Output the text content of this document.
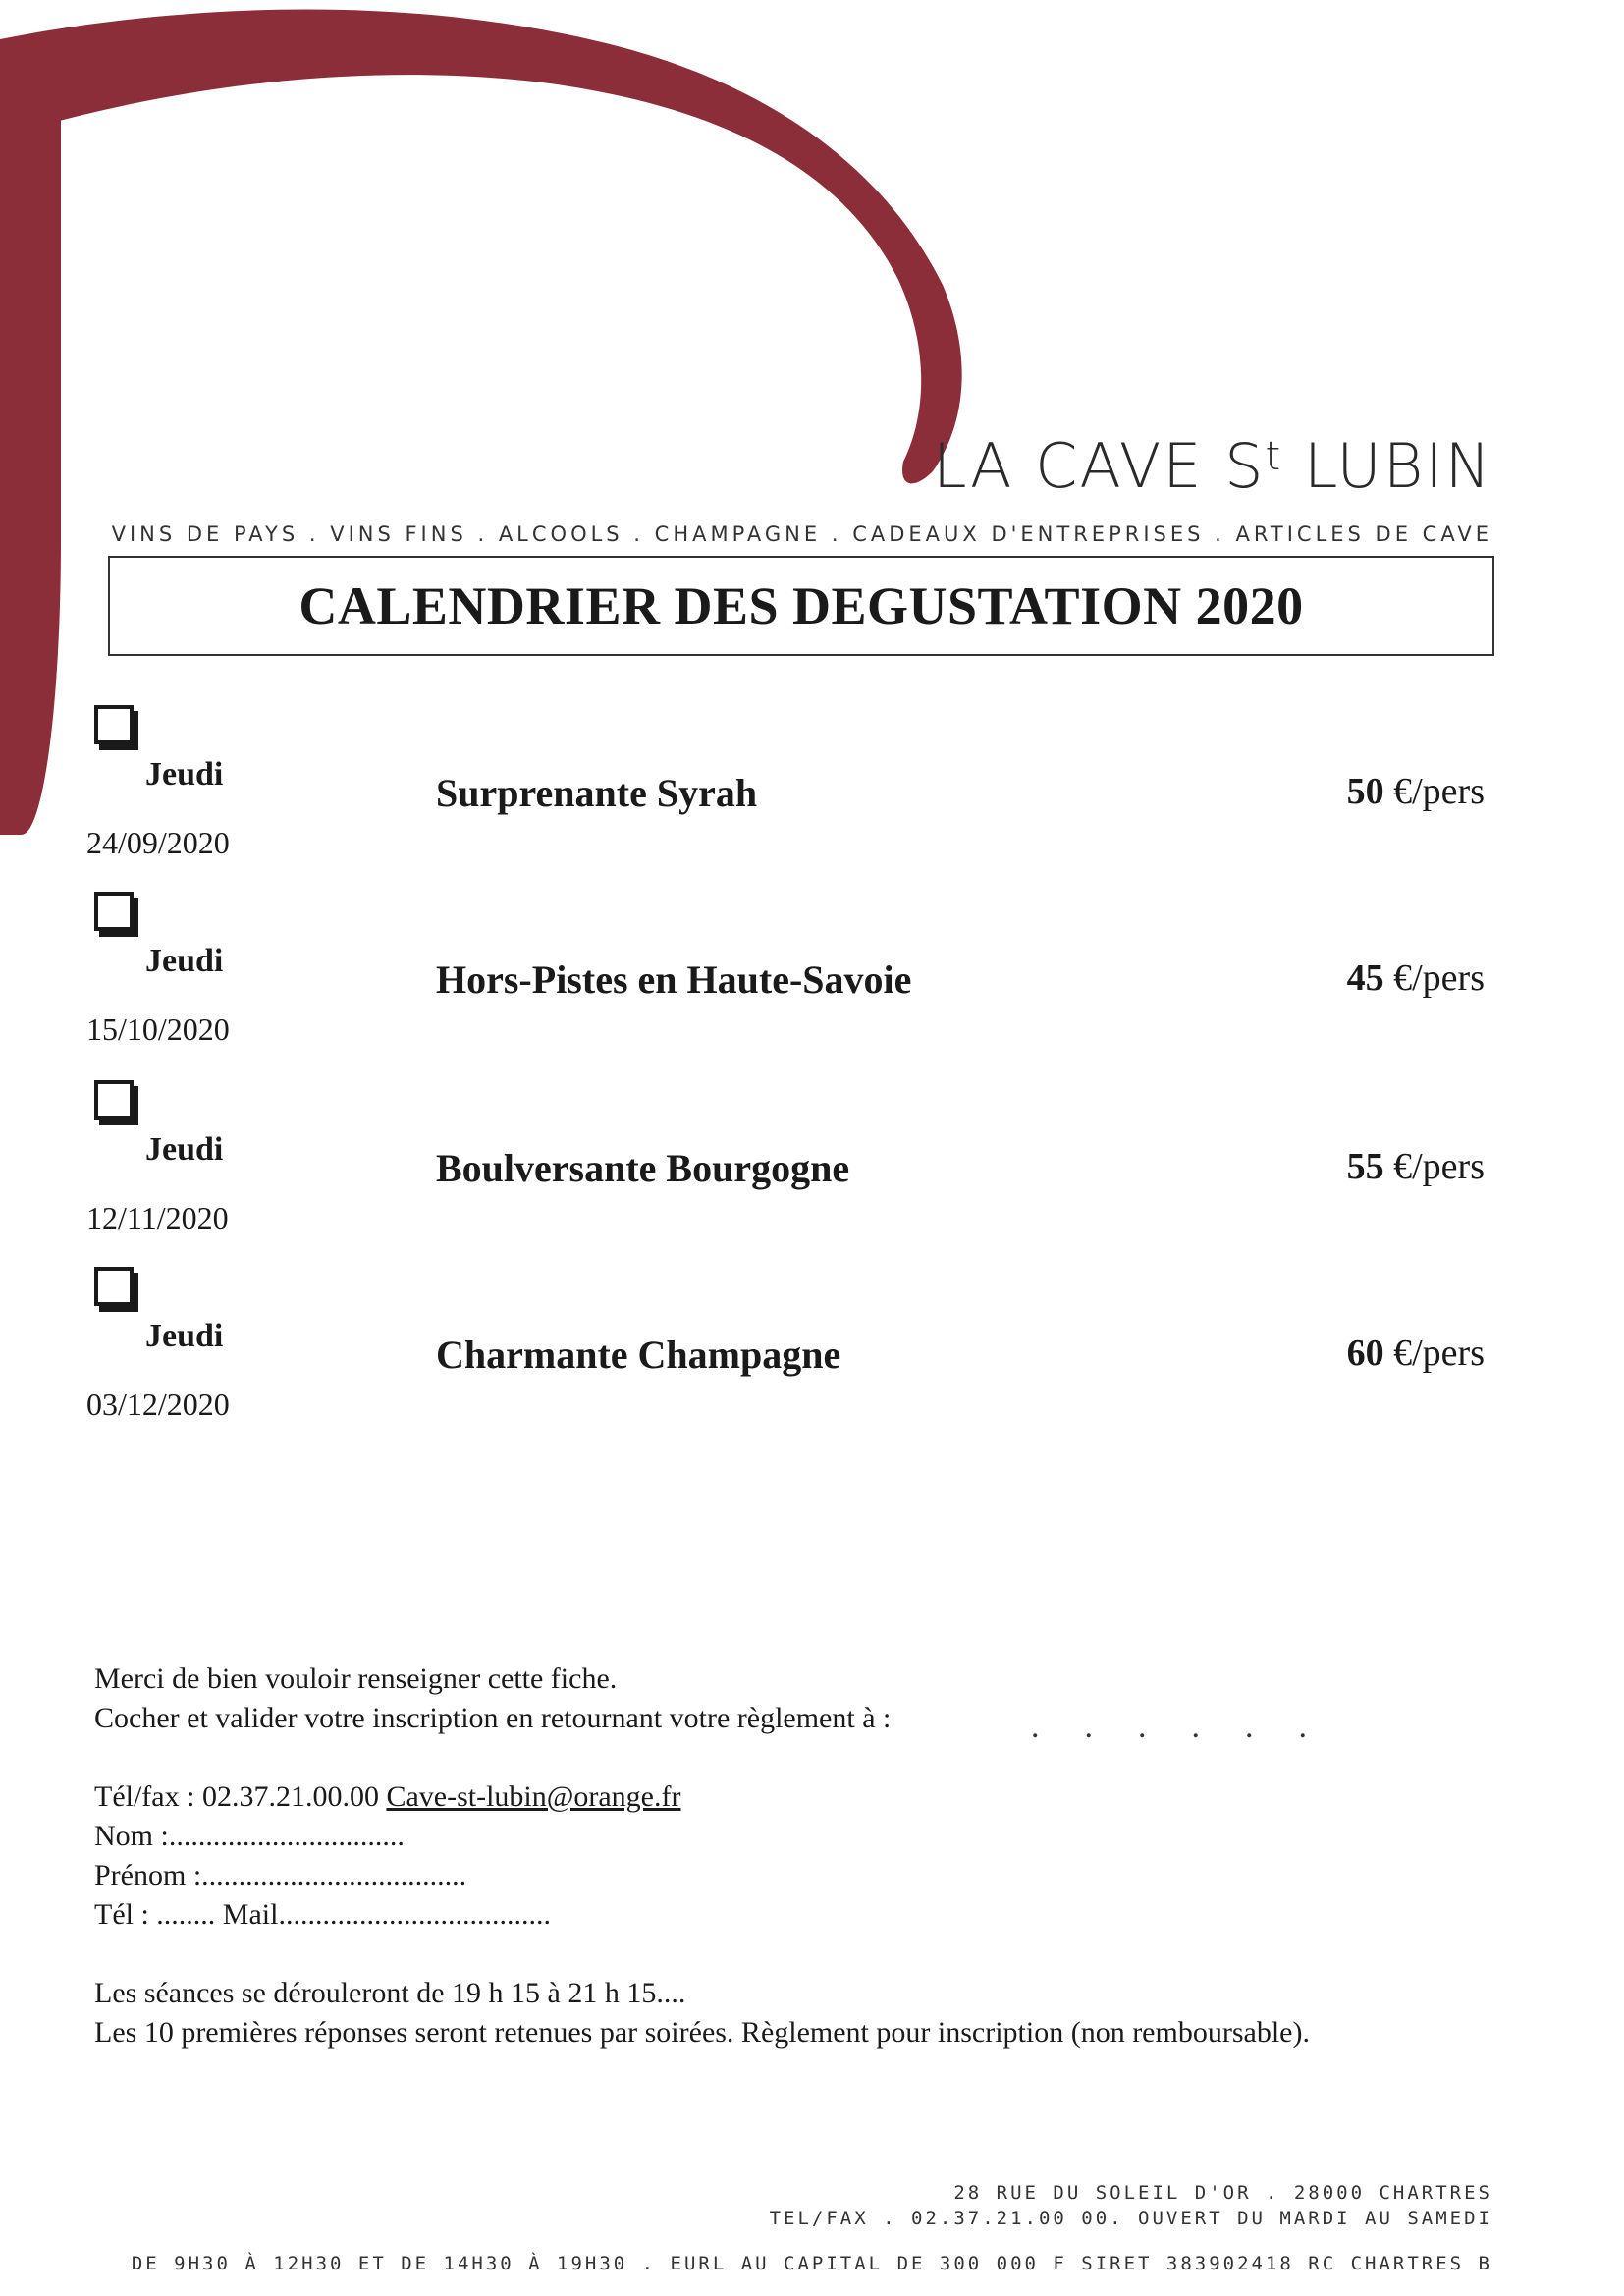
LA CAVE $S^t$ LUBIN
VINS DE PAYS . VINS FINS . ALCOOLS . CHAMPAGNE . CADEAUX D'ENTREPRISES . ARTICLES DE CAVE
CALENDRIER DES DEGUSTATION 2020
Jeudi
24/09/2020
Surprenante Syrah	50 €/pers
Jeudi
15/10/2020
Hors-Pistes en Haute-Savoie	45 €/pers
Jeudi
12/11/2020
Boulversante Bourgogne	55 €/pers
Jeudi
03/12/2020
Charmante Champagne	60 €/pers

Merci de bien vouloir renseigner cette fiche.

Cocher et valider votre inscription en retournant votre règlement à :

Tél/fax : 02.37.21.00.00 Cave-st-lubin@orange.fr

Nom :................................

Prénom :....................................

Tél : ........ Mail.....................................

Les séances se dérouleront de 19 h 15 à 21 h 15....

Les 10 premières réponses seront retenues par soirées. Règlement pour inscription (non remboursable).

......
28 RUE DU SOLEIL D'OR . 28000 CHARTRES
TEL/FAX . 02.37.21.00 00. OUVERT DU MARDI AU SAMEDI
DE 9H30 À 12H30 ET DE 14H30 À 19H30 . EURL AU CAPITAL DE 300 000 F SIRET 383902418 RC CHARTRES B
